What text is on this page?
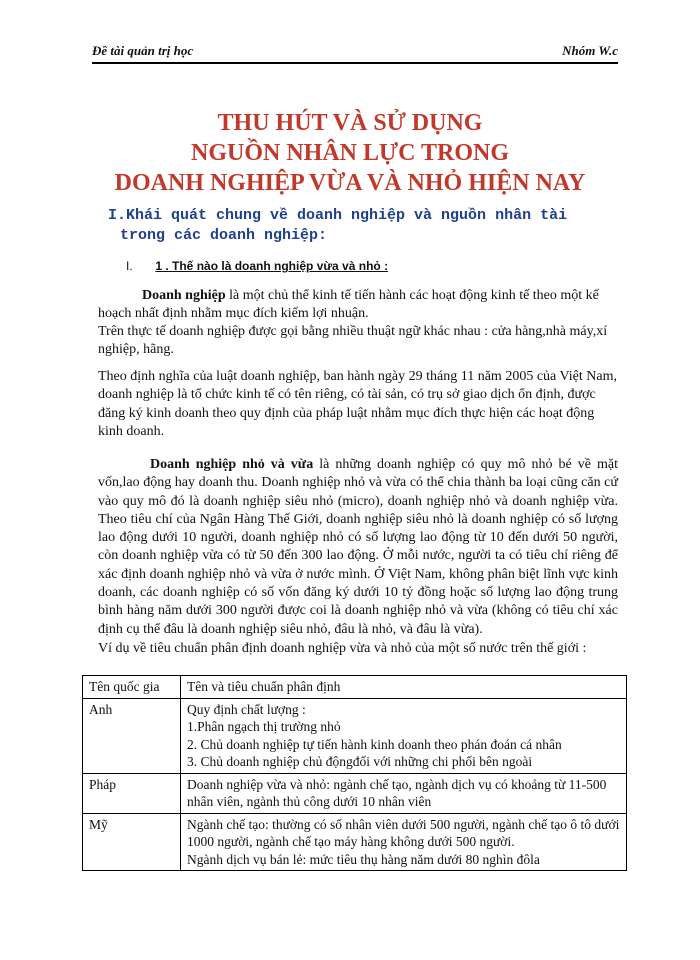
Đề tài quản trị học	Nhóm W.c
THU HÚT VÀ SỬ DỤNG
NGUỒN NHÂN LỰC TRONG
DOANH NGHIỆP VỪA VÀ NHỎ HIỆN NAY
I.Khái quát chung về doanh nghiệp và nguồn nhân tài
trong các doanh nghiệp:
I. 1 . Thế nào là doanh nghiệp vừa và nhỏ :

Doanh nghiệp là một chủ thể kinh tế tiến hành các hoạt động kinh tế theo một kế hoạch nhất định nhằm mục đích kiếm lợi nhuận.

Trên thực tế doanh nghiệp được gọi bằng nhiều thuật ngữ khác nhau : cửa hàng,nhà máy,xí nghiệp, hãng.

Theo định nghĩa của luật doanh nghiệp, ban hành ngày 29 tháng 11 năm 2005 của Việt Nam, doanh nghiệp là tổ chức kinh tế có tên riêng, có tài sản, có trụ sở giao dịch ổn định, được đăng ký kinh doanh theo quy định của pháp luật nhằm mục đích thực hiện các hoạt động kinh doanh.

Doanh nghiệp nhỏ và vừa là những doanh nghiệp có quy mô nhỏ bé về mặt vốn,lao động hay doanh thu. Doanh nghiệp nhỏ và vừa có thể chia thành ba loại cũng căn cứ vào quy mô đó là doanh nghiệp siêu nhỏ (micro), doanh nghiệp nhỏ và doanh nghiệp vừa. Theo tiêu chí của Ngân Hàng Thế Giới, doanh nghiệp siêu nhỏ là doanh nghiệp có số lượng lao động dưới 10 người, doanh nghiệp nhỏ có số lượng lao động từ 10 đến dưới 50 người, còn doanh nghiệp vừa có từ 50 đến 300 lao động. Ở mỗi nước, người ta có tiêu chí riêng để xác định doanh nghiệp nhỏ và vừa ở nước mình. Ở Việt Nam, không phân biệt lĩnh vực kinh doanh, các doanh nghiệp có số vốn đăng ký dưới 10 tỷ đồng hoặc số lượng lao động trung bình hàng năm dưới 300 người được coi là doanh nghiệp nhỏ và vừa (không có tiêu chí xác định cụ thể đâu là doanh nghiệp siêu nhỏ, đâu là nhỏ, và đâu là vừa).

Ví dụ về tiêu chuẩn phân định doanh nghiệp vừa và nhỏ của một số nước trên thế giới :

Tên quốc gia	Tên và tiêu chuẩn phân định
Anh	Quy định chất lượng :
1.Phân ngạch thị trường nhỏ
2. Chủ doanh nghiệp tự tiến hành kinh doanh theo phán đoán cá nhân
3. Chủ doanh nghiệp chủ độngđối với những chi phối bên ngoài

Pháp	Doanh nghiệp vừa và nhỏ: ngành chế tạo, ngành dịch vụ có khoảng từ 11-500 nhân viên, ngành thủ công dưới 10 nhân viên

Mỹ	Ngành chế tạo: thường có số nhân viên dưới 500 người, ngành chế tạo ô tô dưới 1000 người, ngành chế tạo máy hàng không dưới 500 người.
Ngành dịch vụ bán lẻ: mức tiêu thụ hàng năm dưới 80 nghìn đôla
